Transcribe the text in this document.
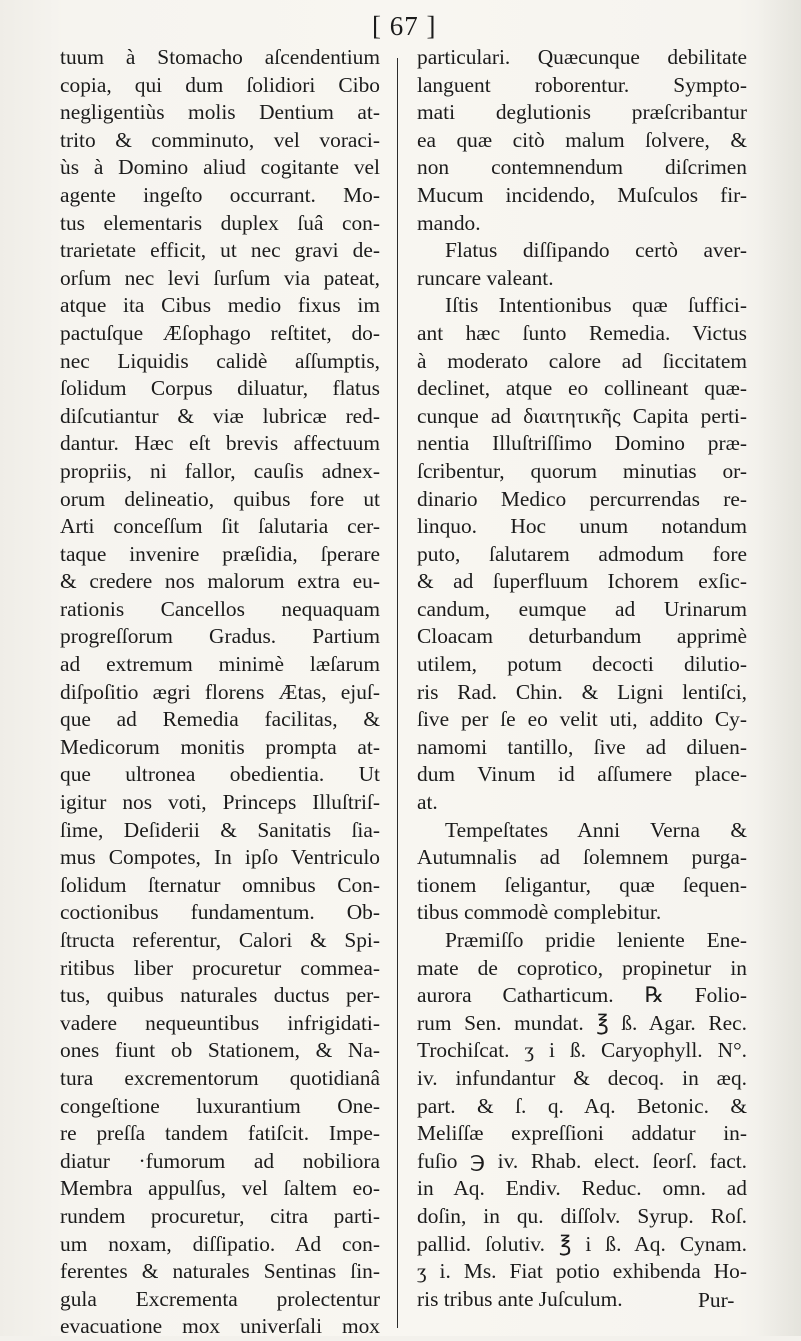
[ 67 ]
tuum à Stomacho aſcendentium
copia, qui dum ſolidiori Cibo
negligentiùs molis Dentium at-
trito & comminuto, vel voraci-
ùs à Domino aliud cogitante vel
agente ingeſto occurrant. Mo-
tus elementaris duplex ſuâ con-
trarietate efficit, ut nec gravi de-
orſum nec levi ſurſum via pateat,
atque ita Cibus medio fixus im
pactuſque Æſophago reſtitet, do-
nec Liquidis calidè aſſumptis,
ſolidum Corpus diluatur, flatus
diſcutiantur & viæ lubricæ red-
dantur. Hæc eſt brevis affectuum
propriis, ni fallor, cauſis adnex-
orum delineatio, quibus fore ut
Arti conceſſum ſit ſalutaria cer-
taque invenire præſidia, ſperare
& credere nos malorum extra eu-
rationis Cancellos nequaquam
progreſſorum Gradus. Partium
ad extremum minimè læſarum
diſpoſitio ægri florens Ætas, ejuſ-
que ad Remedia facilitas, &
Medicorum monitis prompta at-
que ultronea obedientia. Ut
igitur nos voti, Princeps Illuſtriſ-
ſime, Deſiderii & Sanitatis ſia-
mus Compotes, In ipſo Ventriculo
ſolidum ſternatur omnibus Con-
coctionibus fundamentum. Ob-
ſtructa referentur, Calori & Spi-
ritibus liber procuretur commea-
tus, quibus naturales ductus per-
vadere nequeuntibus infrigidati-
ones fiunt ob Stationem, & Na-
tura excrementorum quotidianâ
congeſtione luxurantium One-
re preſſa tandem fatiſcit. Impe-
diatur ·fumorum ad nobiliora
Membra appulſus, vel ſaltem eo-
rundem procuretur, citra parti-
um noxam, diſſipatio. Ad con-
ferentes & naturales Sentinas ſin-
gula Excrementa prolectentur
evacuatione mox univerſali mox
particulari. Quæcunque debilitate
languent roborentur. Sympto-
mati deglutionis præſcribantur
ea quæ citò malum ſolvere, &
non contemnendum diſcrimen
Mucum incidendo, Muſculos fir-
mando.
Flatus diſſipando certò aver-
runcare valeant.
Iſtis Intentionibus quæ ſuffici-
ant hæc ſunto Remedia. Victus
à moderato calore ad ſiccitatem
declinet, atque eo collineant quæ-
cunque ad διαιτητικῆς Capita perti-
nentia Illuſtriſſimo Domino præ-
ſcribentur, quorum minutias or-
dinario Medico percurrendas re-
linquo. Hoc unum notandum
puto, ſalutarem admodum fore
& ad ſuperfluum Ichorem exſic-
candum, eumque ad Urinarum
Cloacam deturbandum apprimè
utilem, potum decocti dilutio-
ris Rad. Chin. & Ligni lentiſci,
ſive per ſe eo velit uti, addito Cy-
namomi tantillo, ſive ad diluen-
dum Vinum id aſſumere place-
at.
Tempeſtates Anni Verna &
Autumnalis ad ſolemnem purga-
tionem ſeligantur, quæ ſequen-
tibus commodè complebitur.
Præmiſſo pridie leniente Ene-
mate de coprotico, propinetur in
aurora Catharticum. ℞ Folio-
rum Sen. mundat. ℥ ß. Agar. Rec.
Trochiſcat. ʒ i ß. Caryophyll. N°.
iv. infundantur & decoq. in æq.
part. & ſ. q. Aq. Betonic. &
Meliſſæ expreſſioni addatur in-
fuſio ℈ iv. Rhab. elect. ſeorſ. fact.
in Aq. Endiv. Reduc. omn. ad
doſin, in qu. diſſolv. Syrup. Roſ.
pallid. ſolutiv. ℥ i ß. Aq. Cynam.
ʒ i. Ms. Fiat potio exhibenda Ho-
ris tribus ante Juſculum.	Pur-
